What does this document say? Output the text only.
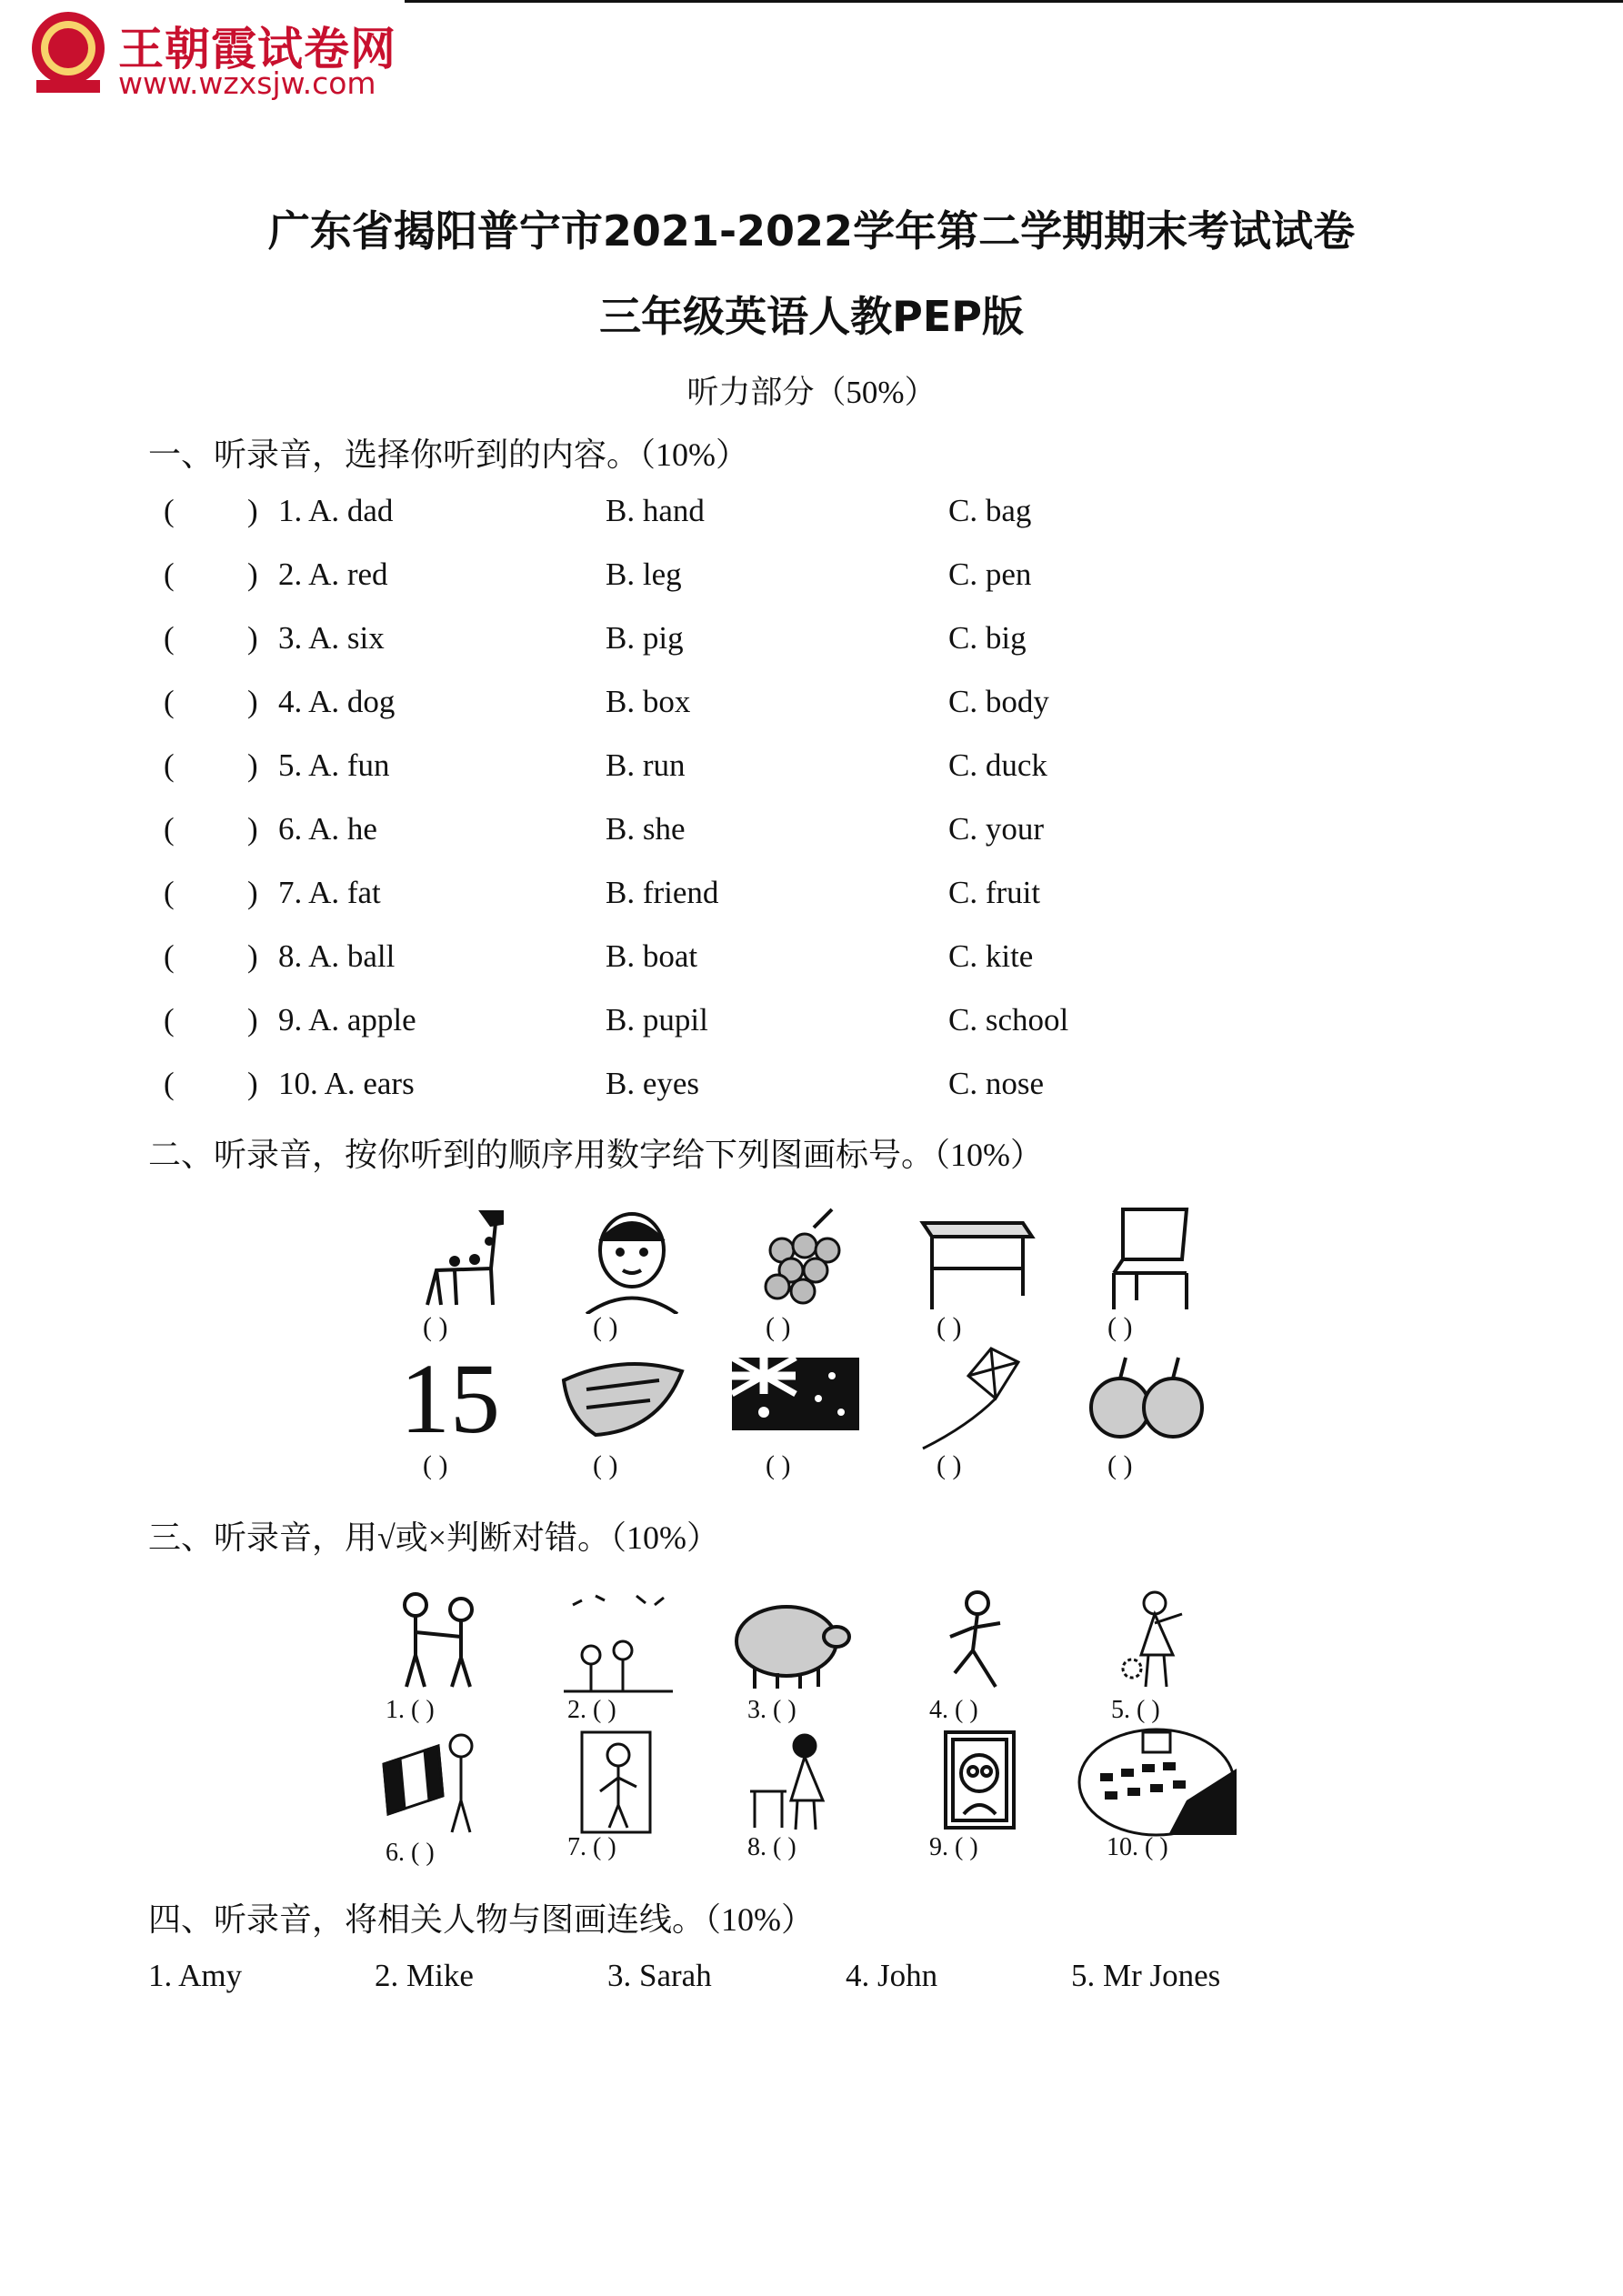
王朝霞试卷网
www.wzxsjw.com
广东省揭阳普宁市2021-2022学年第二学期期末考试试卷
三年级英语人教PEP版
听力部分（50%）
一、听录音，选择你听到的内容。（10%）
( ) 1. A. dad	B. hand	C. bag
( ) 2. A. red	B. leg	C. pen
( ) 3. A. six	B. pig	C. big
( ) 4. A. dog	B. box	C. body
( ) 5. A. fun	B. run	C. duck
( ) 6. A. he	B. she	C. your
( ) 7. A. fat	B. friend	C. fruit
( ) 8. A. ball	B. boat	C. kite
( ) 9. A. apple	B. pupil	C. school
( ) 10. A. ears	B. eyes	C. nose
二、听录音，按你听到的顺序用数字给下列图画标号。（10%）
( )	( )	( )	( )	( )
15
( )	( )	( )	( )	( )
三、听录音，用√或×判断对错。（10%）
1. ( )	2. ( )	3. ( )	4. ( )	5. ( )
6. ( )	7. ( )	8. ( )	9. ( )	10. ( )
四、听录音，将相关人物与图画连线。（10%）
1. Amy	2. Mike	3. Sarah	4. John	5. Mr Jones
